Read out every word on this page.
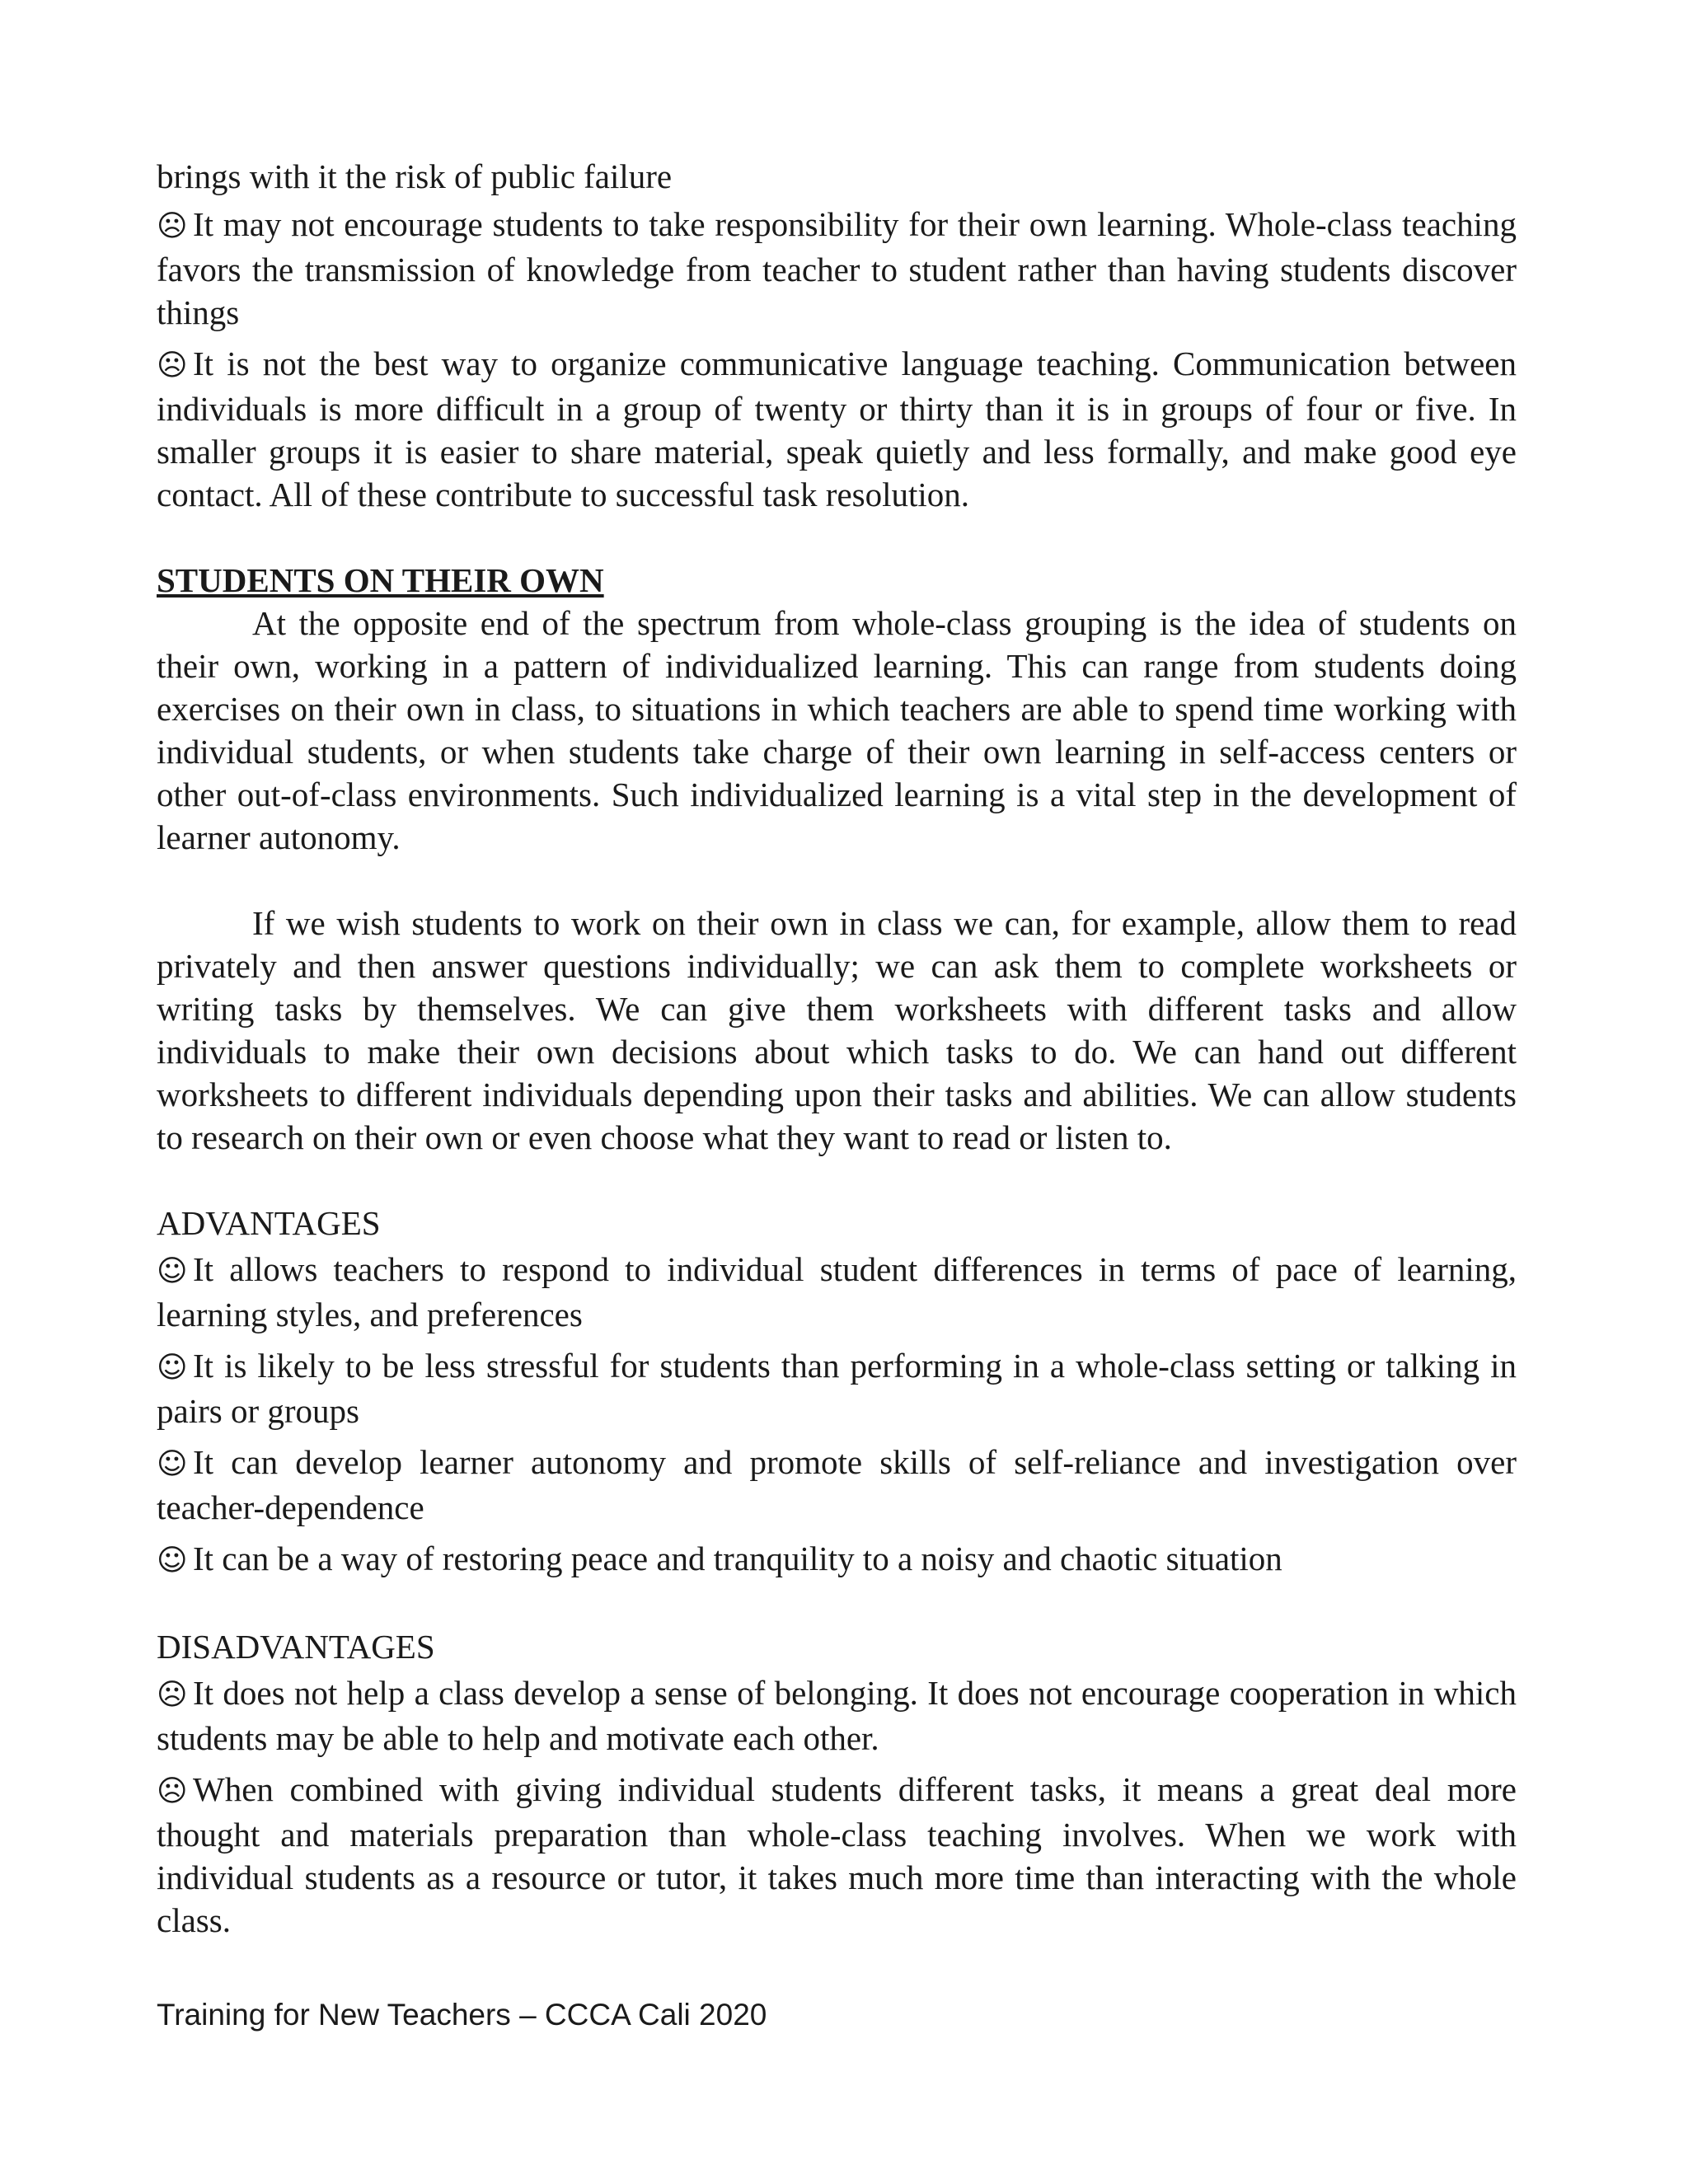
brings with it the risk of public failure

☹ It may not encourage students to take responsibility for their own learning. Whole-class teaching favors the transmission of knowledge from teacher to student rather than having students discover things

☹ It is not the best way to organize communicative language teaching. Communication between individuals is more difficult in a group of twenty or thirty than it is in groups of four or five. In smaller groups it is easier to share material, speak quietly and less formally, and make good eye contact. All of these contribute to successful task resolution.

STUDENTS ON THEIR OWN

At the opposite end of the spectrum from whole-class grouping is the idea of students on their own, working in a pattern of individualized learning. This can range from students doing exercises on their own in class, to situations in which teachers are able to spend time working with individual students, or when students take charge of their own learning in self-access centers or other out-of-class environments. Such individualized learning is a vital step in the development of learner autonomy.

If we wish students to work on their own in class we can, for example, allow them to read privately and then answer questions individually; we can ask them to complete worksheets or writing tasks by themselves. We can give them worksheets with different tasks and allow individuals to make their own decisions about which tasks to do. We can hand out different worksheets to different individuals depending upon their tasks and abilities. We can allow students to research on their own or even choose what they want to read or listen to.

ADVANTAGES

☺ It allows teachers to respond to individual student differences in terms of pace of learning, learning styles, and preferences

☺ It is likely to be less stressful for students than performing in a whole-class setting or talking in pairs or groups

☺ It can develop learner autonomy and promote skills of self-reliance and investigation over teacher-dependence

☺ It can be a way of restoring peace and tranquility to a noisy and chaotic situation

DISADVANTAGES

☹ It does not help a class develop a sense of belonging. It does not encourage cooperation in which students may be able to help and motivate each other.

☹ When combined with giving individual students different tasks, it means a great deal more thought and materials preparation than whole-class teaching involves. When we work with individual students as a resource or tutor, it takes much more time than interacting with the whole class.

Training for New Teachers – CCCA Cali 2020
